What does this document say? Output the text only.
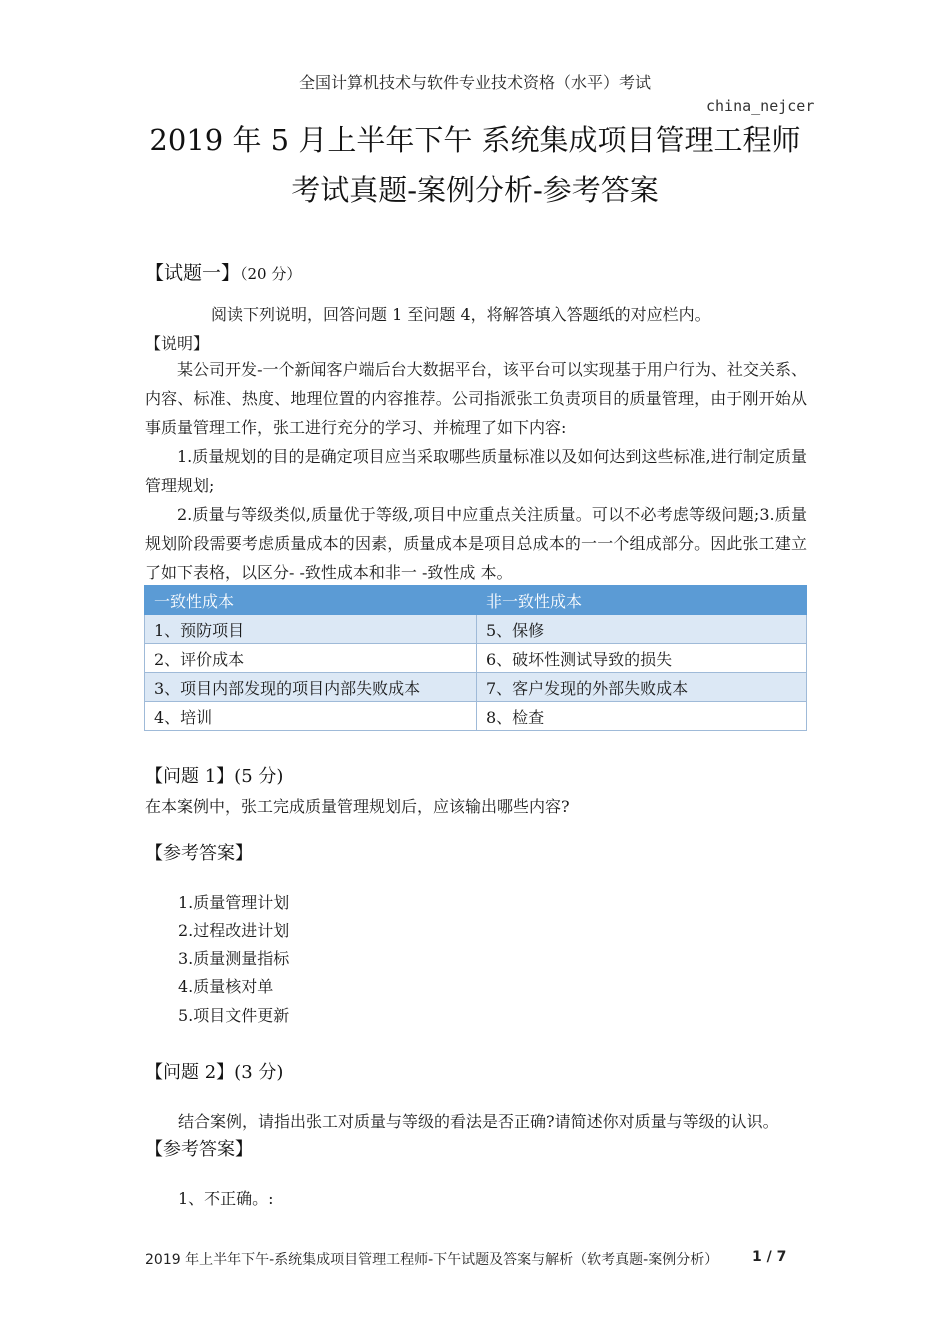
全国计算机技术与软件专业技术资格（水平）考试
china_nejcer
2019 年 5 月上半年下午 系统集成项目管理工程师
考试真题-案例分析-参考答案
【试题一】（20 分）
阅读下列说明，回答问题 1 至问题 4，将解答填入答题纸的对应栏内。
【说明】
某公司开发-一个新闻客户端后台大数据平台，该平台可以实现基于用户行为、社交关系、内容、标准、热度、地理位置的内容推荐。公司指派张工负责项目的质量管理，由于刚开始从事质量管理工作，张工进行充分的学习、并梳理了如下内容:
1.质量规划的目的是确定项目应当采取哪些质量标准以及如何达到这些标准,进行制定质量管理规划;
2.质量与等级类似,质量优于等级,项目中应重点关注质量。可以不必考虑等级问题;3.质量规划阶段需要考虑质量成本的因素，质量成本是项目总成本的一一个组成部分。因此张工建立了如下表格，以区分- -致性成本和非一 -致性成 本。
一致性成本	非一致性成本
1、预防项目	5、保修
2、评价成本	6、破坏性测试导致的损失
3、项目内部发现的项目内部失败成本	7、客户发现的外部失败成本
4、培训	8、检查
【问题 1】(5 分)
在本案例中，张工完成质量管理规划后，应该输出哪些内容?
【参考答案】
1.质量管理计划
2.过程改进计划
3.质量测量指标
4.质量核对单
5.项目文件更新
【问题 2】(3 分)
结合案例，请指出张工对质量与等级的看法是否正确?请简述你对质量与等级的认识。
【参考答案】
1、不正确。:
2019 年上半年下午-系统集成项目管理工程师-下午试题及答案与解析（软考真题-案例分析） 1 / 7
